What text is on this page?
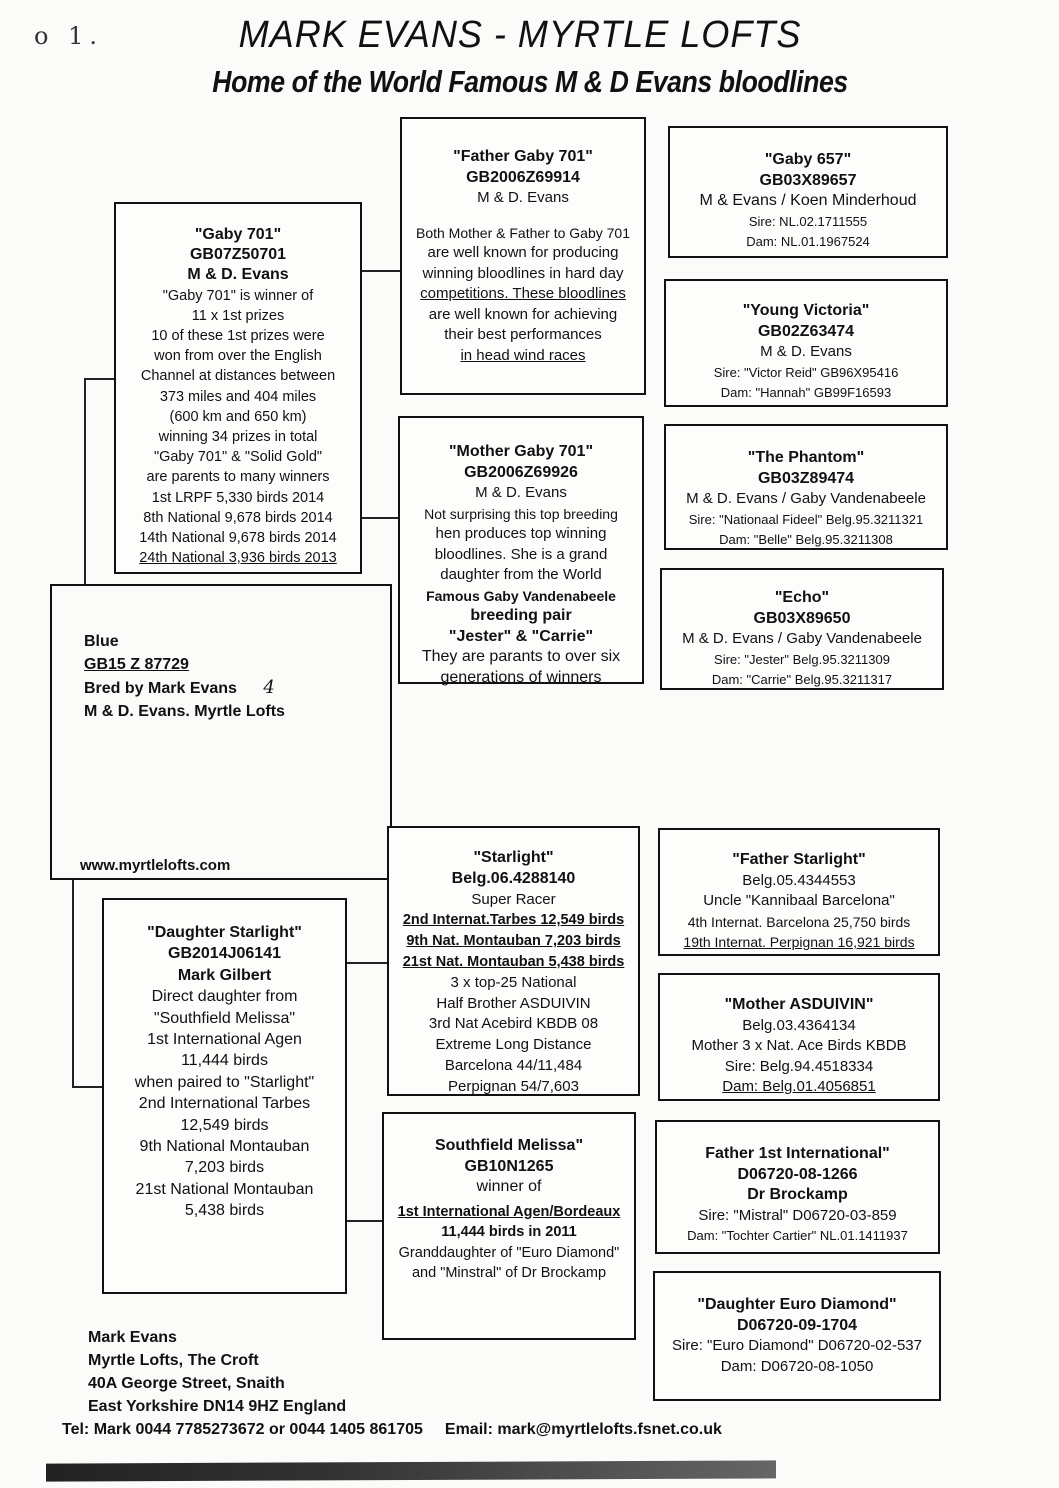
o 1.	MARK EVANS - MYRTLE LOFTS
Home of the World Famous M & D Evans bloodlines
"Gaby 701"
GB07Z50701
M & D. Evans
"Gaby 701" is winner of
11 x 1st prizes
10 of these 1st prizes were
won from over the English
Channel at distances between
373 miles and 404 miles
(600 km and 650 km)
winning 34 prizes in total
"Gaby 701" & "Solid Gold"
are parents to many winners
1st LRPF 5,330 birds 2014
8th National 9,678 birds 2014
14th National 9,678 birds 2014
24th National 3,936 birds 2013
"Father Gaby 701"
GB2006Z69914
M & D. Evans
Both Mother & Father to Gaby 701
are well known for producing
winning bloodlines in hard day
competitions. These bloodlines
are well known for achieving
their best performances
in head wind races
"Mother Gaby 701"
GB2006Z69926
M & D. Evans
Not surprising this top breeding
hen produces top winning
bloodlines. She is a grand
daughter from the World
Famous Gaby Vandenabeele
breeding pair
"Jester" & "Carrie"
They are parants to over six
generations of winners
"Gaby 657"
GB03X89657
M & Evans / Koen Minderhoud
Sire: NL.02.1711555
Dam: NL.01.1967524
"Young Victoria"
GB02Z63474
M & D. Evans
Sire: "Victor Reid" GB96X95416
Dam: "Hannah" GB99F16593
"The Phantom"
GB03Z89474
M & D. Evans / Gaby Vandenabeele
Sire: "Nationaal Fideel" Belg.95.3211321
Dam: "Belle" Belg.95.3211308
"Echo"
GB03X89650
M & D. Evans / Gaby Vandenabeele
Sire: "Jester" Belg.95.3211309
Dam: "Carrie" Belg.95.3211317
Blue
GB15 Z 87729
Bred by Mark Evans 4
M & D. Evans. Myrtle Lofts
www.myrtlelofts.com
"Daughter Starlight"
GB2014J06141
Mark Gilbert
Direct daughter from
"Southfield Melissa"
1st International Agen
11,444 birds
when paired to "Starlight"
2nd International Tarbes
12,549 birds
9th National Montauban
7,203 birds
21st National Montauban
5,438 birds
"Starlight"
Belg.06.4288140
Super Racer
2nd Internat.Tarbes 12,549 birds
9th Nat. Montauban 7,203 birds
21st Nat. Montauban 5,438 birds
3 x top-25 National
Half Brother ASDUIVIN
3rd Nat Acebird KBDB 08
Extreme Long Distance
Barcelona 44/11,484
Perpignan 54/7,603
Southfield Melissa"
GB10N1265
winner of
1st International Agen/Bordeaux
11,444 birds in 2011
Granddaughter of "Euro Diamond"
and "Minstral" of Dr Brockamp
"Father Starlight"
Belg.05.4344553
Uncle "Kannibaal Barcelona"
4th Internat. Barcelona 25,750 birds
19th Internat. Perpignan 16,921 birds
"Mother ASDUIVIN"
Belg.03.4364134
Mother 3 x Nat. Ace Birds KBDB
Sire: Belg.94.4518334
Dam: Belg.01.4056851
Father 1st International"
D06720-08-1266
Dr Brockamp
Sire: "Mistral" D06720-03-859
Dam: "Tochter Cartier" NL.01.1411937
"Daughter Euro Diamond"
D06720-09-1704
Sire: "Euro Diamond" D06720-02-537
Dam: D06720-08-1050
Mark Evans
Myrtle Lofts, The Croft
40A George Street, Snaith
East Yorkshire DN14 9HZ England
Tel: Mark 0044 7785273672 or 0044 1405 861705 Email: mark@myrtlelofts.fsnet.co.uk
